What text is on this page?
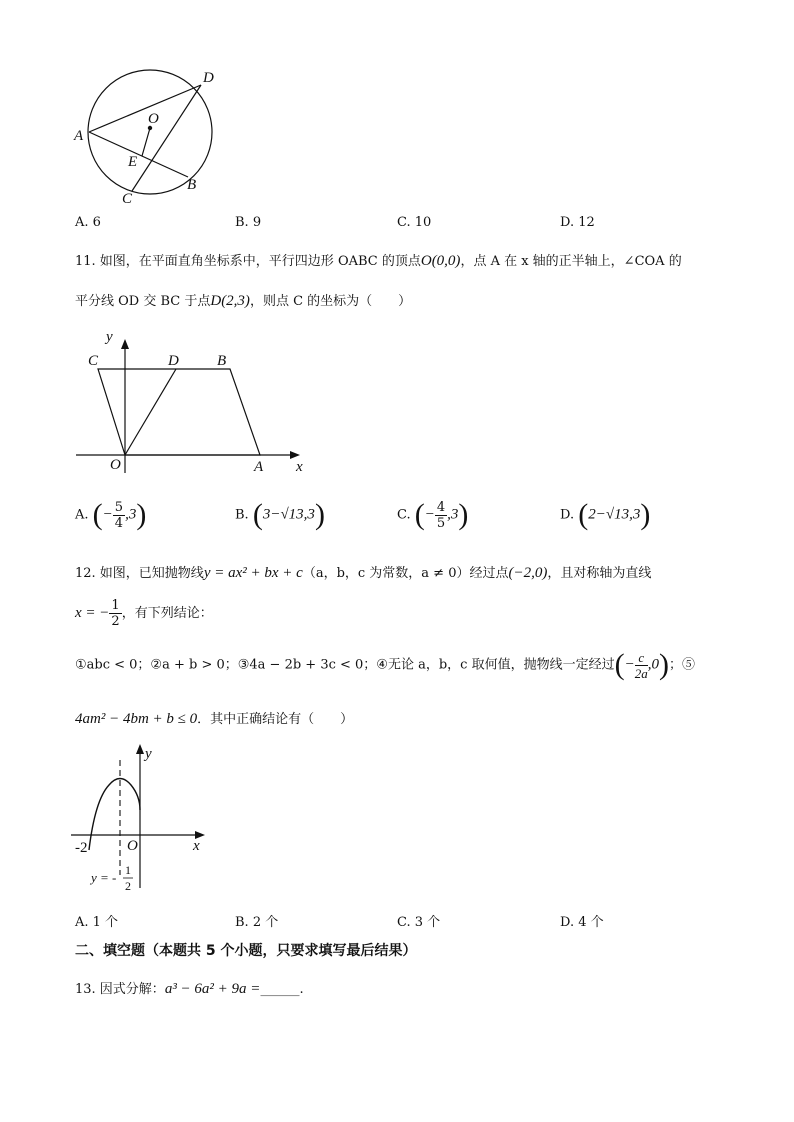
A
D
O
E
C
B
A. 6	B. 9	C. 10	D. 12
11. 如图，在平面直角坐标系中，平行四边形 OABC 的顶点O(0,0)，点 A 在 x 轴的正半轴上，∠COA 的
平分线 OD 交 BC 于点D(2,3)，则点 C 的坐标为（　　）
y
C	D	B
O	A x
A. (− $\frac{5}{4} ,3$)	B. (3−√13,3)	C. (− $\frac{4}{5} ,3$)	D. (2−√13,3)
12. 如图，已知抛物线y = ax² + bx + c（a，b，c 为常数，a ≠ 0）经过点(−2,0)，且对称轴为直线
x = − $\frac{1}{2}$ ，有下列结论：
①abc < 0；②a + b > 0；③4a − 2b + 3c < 0；④无论 a，b，c 取何值，抛物线一定经过(− $\frac{c}{2a} ,0$)；⑤
4am² − 4bm + b ≤ 0．其中正确结论有（　　）
y
x
O
-2
y = - 1
2
A. 1 个	B. 2 个	C. 3 个	D. 4 个
二、填空题（本题共 5 个小题，只要求填写最后结果）
13. 因式分解：a³ − 6a² + 9a =______.
